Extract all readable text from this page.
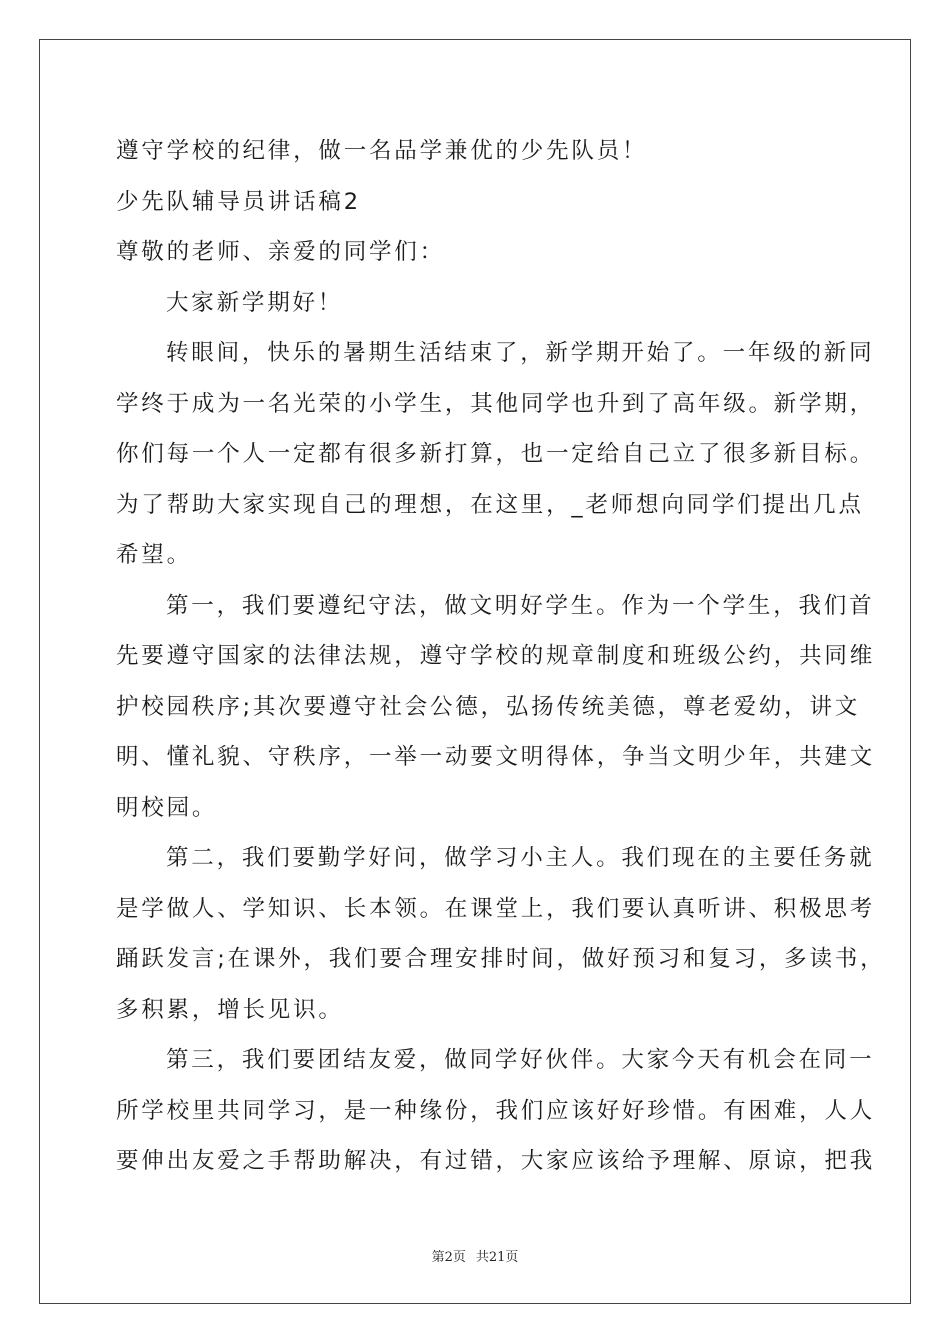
遵守学校的纪律，做一名品学兼优的少先队员！

少先队辅导员讲话稿2

尊敬的老师、亲爱的同学们：

大家新学期好！

转眼间，快乐的暑期生活结束了，新学期开始了。一年级的新同

学终于成为一名光荣的小学生，其他同学也升到了高年级。新学期，

你们每一个人一定都有很多新打算，也一定给自己立了很多新目标。

为了帮助大家实现自己的理想，在这里，_老师想向同学们提出几点

希望。

第一，我们要遵纪守法，做文明好学生。作为一个学生，我们首

先要遵守国家的法律法规，遵守学校的规章制度和班级公约，共同维

护校园秩序;其次要遵守社会公德，弘扬传统美德，尊老爱幼，讲文

明、懂礼貌、守秩序，一举一动要文明得体，争当文明少年，共建文

明校园。

第二，我们要勤学好问，做学习小主人。我们现在的主要任务就

是学做人、学知识、长本领。在课堂上，我们要认真听讲、积极思考

踊跃发言;在课外，我们要合理安排时间，做好预习和复习，多读书，

多积累，增长见识。

第三，我们要团结友爱，做同学好伙伴。大家今天有机会在同一

所学校里共同学习，是一种缘份，我们应该好好珍惜。有困难，人人

要伸出友爱之手帮助解决，有过错，大家应该给予理解、原谅，把我

第2页 共21页
